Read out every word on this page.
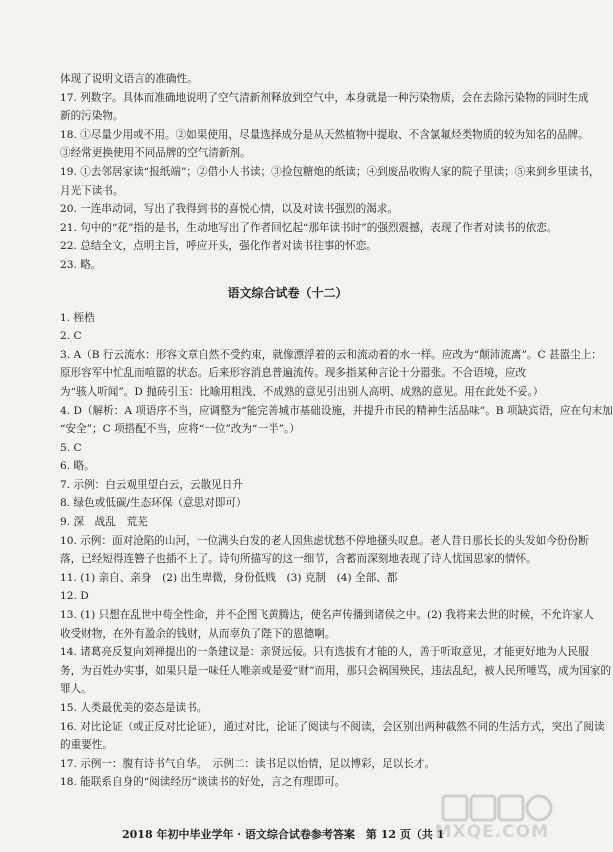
体现了说明文语言的准确性。
17. 列数字。具体而准确地说明了空气清新剂释放到空气中，本身就是一种污染物质，会在去除污染物的同时生成
新的污染物。
18. ①尽量少用或不用。②如果使用，尽量选择成分是从天然植物中提取、不含氯氟烃类物质的较为知名的品牌。
③经常更换使用不同品牌的空气清新剂。
19. ①去邻居家读“报纸端”；②借小人书读；③捡包糖炮的纸读；④到废品收购人家的院子里读；⑤来到乡里读书，
月光下读书。
20. 一连串动词，写出了我得到书的喜悦心情，以及对读书强烈的渴求。
21. 句中的“花”指的是书，生动地写出了作者回忆起“那年读书时”的强烈震撼，表现了作者对读书的依恋。
22. 总结全文，点明主旨，呼应开头，强化作者对读书往事的怀恋。
23. 略。
语文综合试卷（十二）
1. 桎梏
2. C
3. A（B 行云流水：形容文章自然不受约束，就像漂浮着的云和流动着的水一样。应改为“颠沛流离”。C 甚嚣尘上：
原形容军中忙乱而喧嚣的状态。后来形容消息普遍流传。现多指某种言论十分嚣张。不合语境，应改
为“骇人听闻”。D 抛砖引玉：比喻用粗浅、不成熟的意见引出别人高明、成熟的意见。用在此处不妥。）
4. D（解析：A 项语序不当，应调整为“能完善城市基础设施，并提升市民的精神生活品味”。B 项缺宾语，应在句末加
“安全”；C 项搭配不当，应将“一位”改为“一半”。）
5. C
6. 略。
7. 示例：白云观里望白云，云散见日升
8. 绿色或低碳/生态环保（意思对即可）
9. 深　战乱　荒芜
10. 示例：面对沧陷的山河，一位满头白发的老人因焦虑忧愁不停地搔头叹息。老人昔日那长长的头发如今份份断
落，已经短得连簪子也插不上了。诗句所描写的这一细节，含蓄而深刻地表现了诗人忧国思家的情怀。
11. (1) 亲自、亲身　(2) 出生卑微，身份低贱　(3) 克制　(4) 全部、都
12. D
13. (1) 只想在乱世中苟全性命，并不企图飞黄腾达，使名声传播到诸侯之中。(2) 我将来去世的时候，不允许家人
收受财物，在外有盈余的钱财，从而辜负了陛下的恩德啊。
14. 诸葛亮反复向刘禅提出的一条建议是：亲贤远佞。只有选拔有才能的人，善于听取意见，才能更好地为人民服
务，为百姓办实事，如果只是一味任人唯亲或是爱“财”而用，那只会祸国殃民，违法乱纪，被人民所唾骂，成为国家的
罪人。
15. 人类最优美的姿态是读书。
16. 对比论证（或正反对比论证），通过对比，论证了阅读与不阅读，会区别出两种截然不同的生活方式，突出了阅读
的重要性。
17. 示例一：腹有诗书气自华。　示例二：读书足以怡情，足以博彩，足以长才。
18. 能联系自身的“阅读经历”谈读书的好处，言之有理即可。
2018 年初中毕业学年 · 语文综合试卷参考答案　第 12 页（共 1
MXQE.COM
